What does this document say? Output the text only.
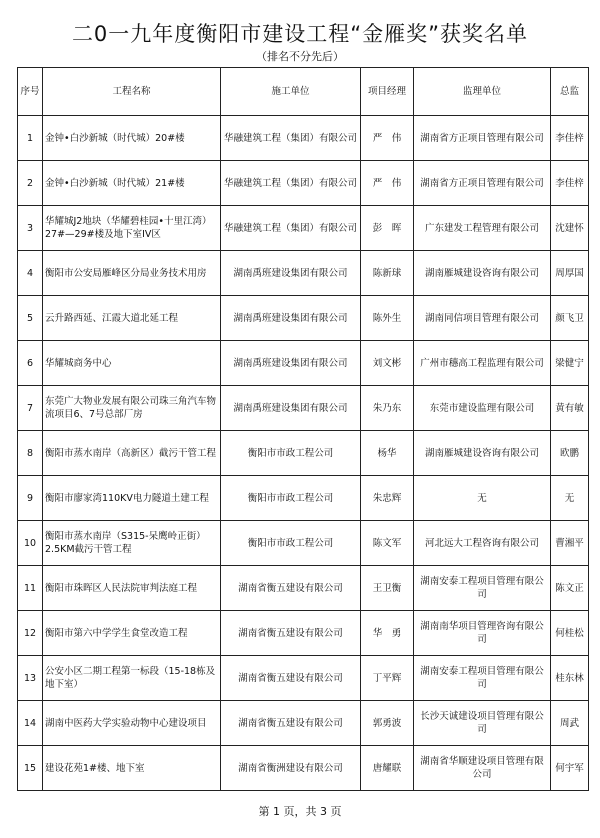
二0一九年度衡阳市建设工程“金雁奖”获奖名单
（排名不分先后）
序号	工程名称	施工单位	项目经理	监理单位	总监
1	金钟•白沙新城（时代城）20#楼	华融建筑工程（集团）有限公司	严　伟	湖南省方正项目管理有限公司	李佳梓
2	金钟•白沙新城（时代城）21#楼	华融建筑工程（集团）有限公司	严　伟	湖南省方正项目管理有限公司	李佳梓
3	华耀城J2地块（华耀碧桂园•十里江湾）27#—29#楼及地下室IV区	华融建筑工程（集团）有限公司	彭　晖	广东建发工程管理有限公司	沈建怀
4	衡阳市公安局雁峰区分局业务技术用房	湖南禹班建设集团有限公司	陈新球	湖南雁城建设咨询有限公司	周厚国
5	云升路西延、江霞大道北延工程	湖南禹班建设集团有限公司	陈外生	湖南同信项目管理有限公司	颜飞卫
6	华耀城商务中心	湖南禹班建设集团有限公司	刘文彬	广州市穗高工程监理有限公司	梁健宁
7	东莞广大物业发展有限公司珠三角汽车物流项目6、7号总部厂房	湖南禹班建设集团有限公司	朱乃东	东莞市建设监理有限公司	黄有敏
8	衡阳市蒸水南岸（高新区）截污干管工程	衡阳市市政工程公司	杨华	湖南雁城建设咨询有限公司	欧鹏
9	衡阳市廖家湾110KV电力隧道土建工程	衡阳市市政工程公司	朱忠辉	无	无
10	衡阳市蒸水南岸（S315-呆鹰岭正街）2.5KM截污干管工程	衡阳市市政工程公司	陈文军	河北远大工程咨询有限公司	曹湘平
11	衡阳市珠晖区人民法院审判法庭工程	湖南省衡五建设有限公司	王卫衡	湖南安泰工程项目管理有限公司	陈文正
12	衡阳市第六中学学生食堂改造工程	湖南省衡五建设有限公司	华　勇	湖南南华项目管理咨询有限公司	何桂松
13	公安小区二期工程第一标段（15-18栋及地下室）	湖南省衡五建设有限公司	丁平辉	湖南安泰工程项目管理有限公司	桂东林
14	湖南中医药大学实验动物中心建设项目	湖南省衡五建设有限公司	郭勇波	长沙天诚建设项目管理有限公司	周武
15	建设花苑1#楼、地下室	湖南省衡洲建设有限公司	唐耀联	湖南省华顺建设项目管理有限公司	何宇军
第 1 页，共 3 页
